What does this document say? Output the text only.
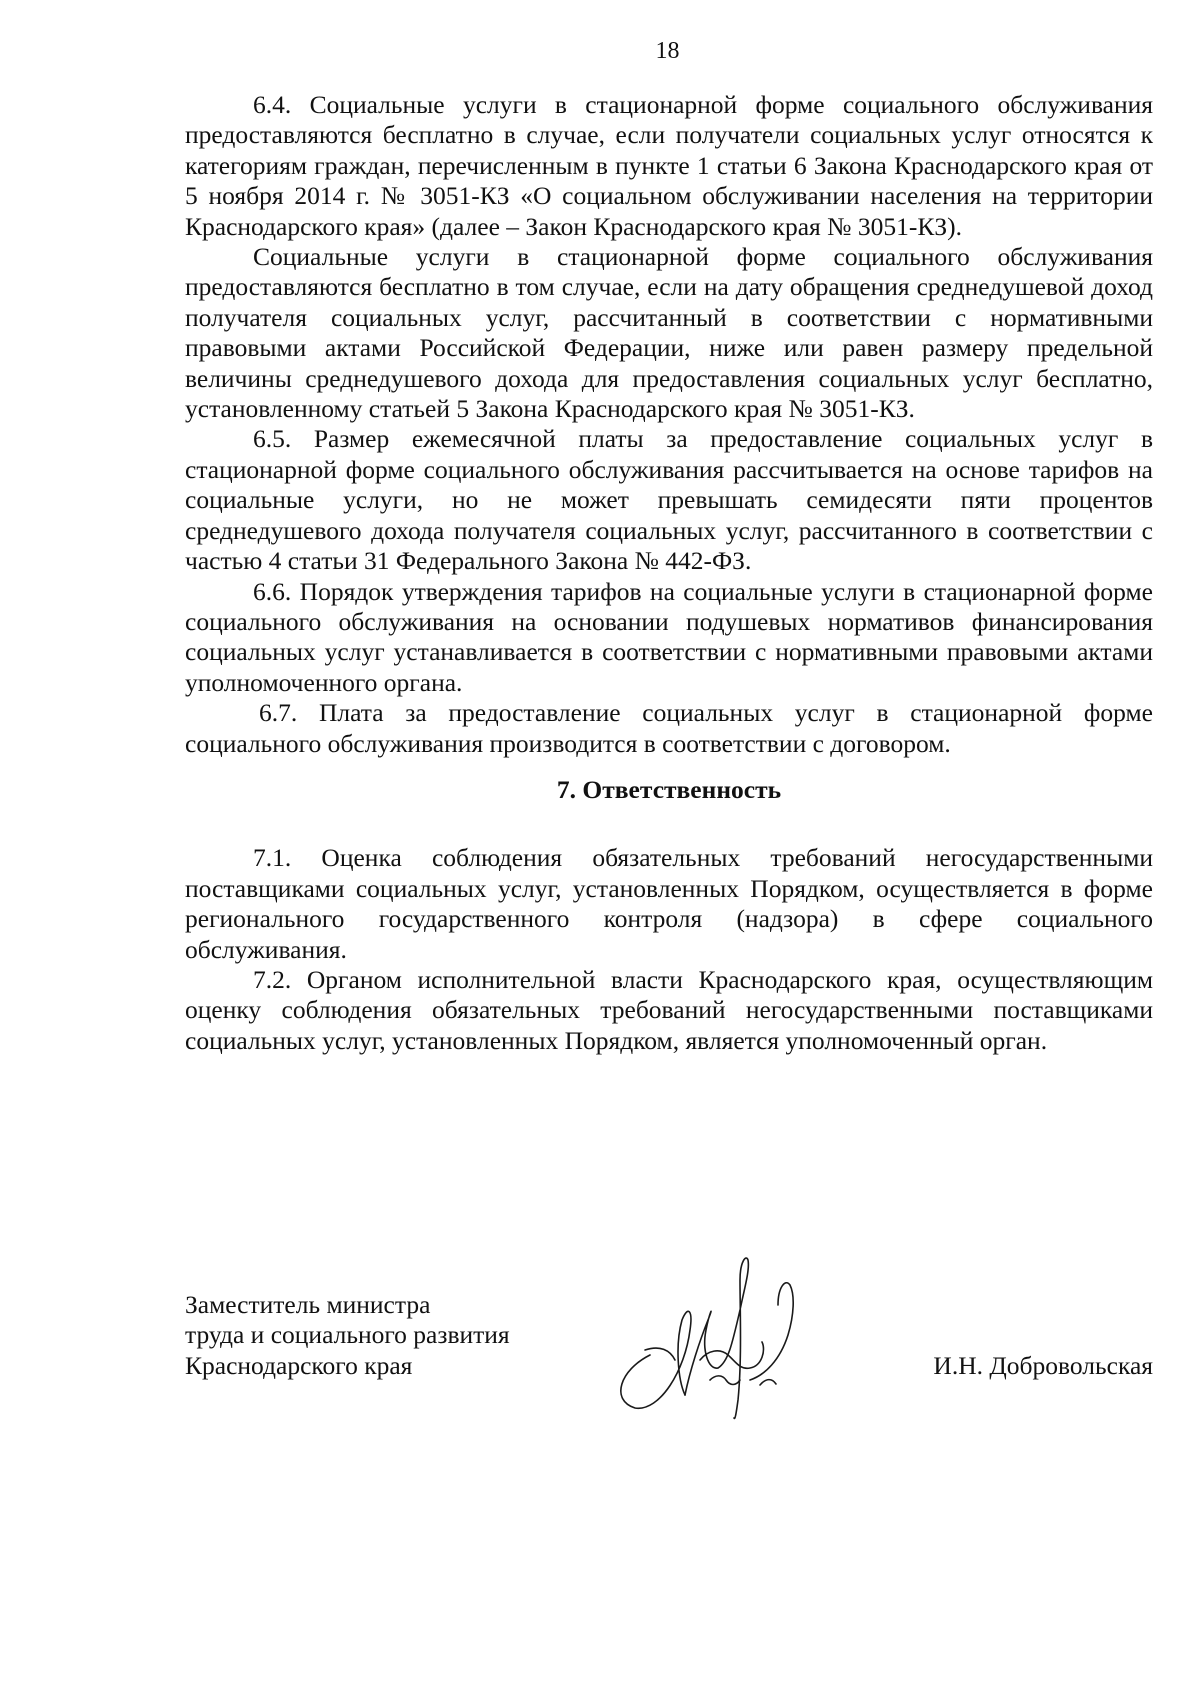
18

6.4. Социальные услуги в стационарной форме социального обслуживания предоставляются бесплатно в случае, если получатели социальных услуг относятся к категориям граждан, перечисленным в пункте 1 статьи 6 Закона Краснодарского края от 5 ноября 2014 г. № 3051-КЗ «О социальном обслуживании населения на территории Краснодарского края» (далее – Закон Краснодарского края № 3051-КЗ).

Социальные услуги в стационарной форме социального обслуживания предоставляются бесплатно в том случае, если на дату обращения среднедушевой доход получателя социальных услуг, рассчитанный в соответствии с нормативными правовыми актами Российской Федерации, ниже или равен размеру предельной величины среднедушевого дохода для предоставления социальных услуг бесплатно, установленному статьей 5 Закона Краснодарского края № 3051-КЗ.

6.5. Размер ежемесячной платы за предоставление социальных услуг в стационарной форме социального обслуживания рассчитывается на основе тарифов на социальные услуги, но не может превышать семидесяти пяти процентов среднедушевого дохода получателя социальных услуг, рассчитанного в соответствии с частью 4 статьи 31 Федерального Закона № 442-ФЗ.

6.6. Порядок утверждения тарифов на социальные услуги в стационарной форме социального обслуживания на основании подушевых нормативов финансирования социальных услуг устанавливается в соответствии с нормативными правовыми актами уполномоченного органа.

6.7. Плата за предоставление социальных услуг в стационарной форме социального обслуживания производится в соответствии с договором.

7. Ответственность

7.1. Оценка соблюдения обязательных требований негосударственными поставщиками социальных услуг, установленных Порядком, осуществляется в форме регионального государственного контроля (надзора) в сфере социального обслуживания.

7.2. Органом исполнительной власти Краснодарского края, осуществляющим оценку соблюдения обязательных требований негосударственными поставщиками социальных услуг, установленных Порядком, является уполномоченный орган.

Заместитель министра
труда и социального развития
Краснодарского края	И.Н. Добровольская
